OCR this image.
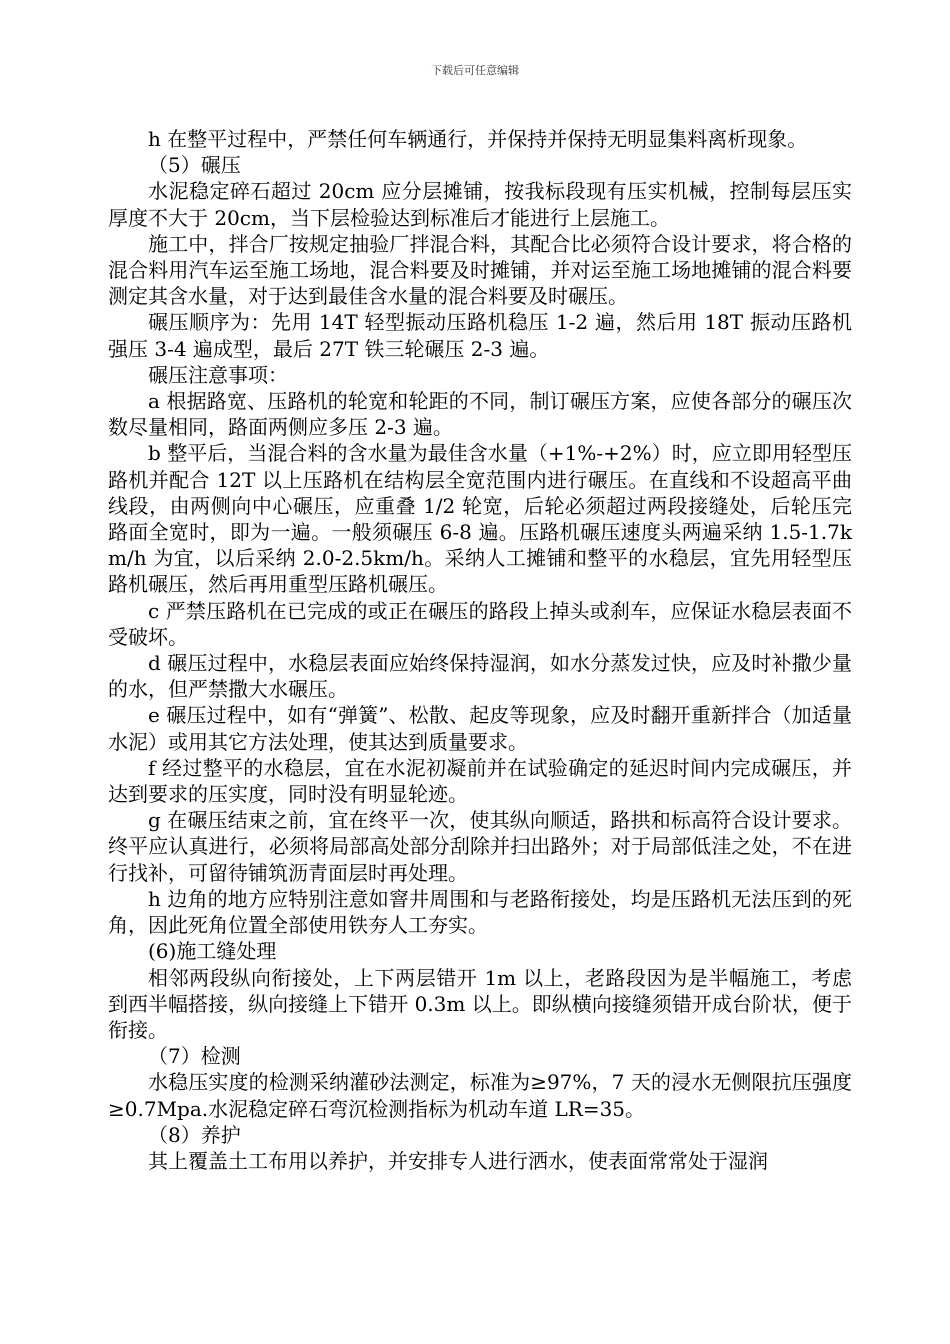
下载后可任意编辑

h 在整平过程中，严禁任何车辆通行，并保持并保持无明显集料离析现象。

（5）碾压

水泥稳定碎石超过 20cm 应分层摊铺，按我标段现有压实机械，控制每层压实厚度不大于 20cm，当下层检验达到标准后才能进行上层施工。

施工中，拌合厂按规定抽验厂拌混合料，其配合比必须符合设计要求，将合格的混合料用汽车运至施工场地，混合料要及时摊铺，并对运至施工场地摊铺的混合料要测定其含水量，对于达到最佳含水量的混合料要及时碾压。

碾压顺序为：先用 14T 轻型振动压路机稳压 1-2 遍，然后用 18T 振动压路机强压 3-4 遍成型，最后 27T 铁三轮碾压 2-3 遍。

碾压注意事项：

a 根据路宽、压路机的轮宽和轮距的不同，制订碾压方案，应使各部分的碾压次数尽量相同，路面两侧应多压 2-3 遍。

b 整平后，当混合料的含水量为最佳含水量（+1%-+2%）时，应立即用轻型压路机并配合 12T 以上压路机在结构层全宽范围内进行碾压。在直线和不设超高平曲线段，由两侧向中心碾压，应重叠 1/2 轮宽，后轮必须超过两段接缝处，后轮压完路面全宽时，即为一遍。一般须碾压 6-8 遍。压路机碾压速度头两遍采纳 1.5-1.7km/h 为宜，以后采纳 2.0-2.5km/h。采纳人工摊铺和整平的水稳层，宜先用轻型压路机碾压，然后再用重型压路机碾压。

c 严禁压路机在已完成的或正在碾压的路段上掉头或刹车，应保证水稳层表面不受破坏。

d 碾压过程中，水稳层表面应始终保持湿润，如水分蒸发过快，应及时补撒少量的水，但严禁撒大水碾压。

e 碾压过程中，如有“弹簧”、松散、起皮等现象，应及时翻开重新拌合（加适量水泥）或用其它方法处理，使其达到质量要求。

f 经过整平的水稳层，宜在水泥初凝前并在试验确定的延迟时间内完成碾压，并达到要求的压实度，同时没有明显轮迹。

g 在碾压结束之前，宜在终平一次，使其纵向顺适，路拱和标高符合设计要求。终平应认真进行，必须将局部高处部分刮除并扫出路外；对于局部低洼之处，不在进行找补，可留待铺筑沥青面层时再处理。

h 边角的地方应特别注意如窨井周围和与老路衔接处，均是压路机无法压到的死角，因此死角位置全部使用铁夯人工夯实。

(6)施工缝处理

相邻两段纵向衔接处，上下两层错开 1m 以上，老路段因为是半幅施工，考虑到西半幅搭接，纵向接缝上下错开 0.3m 以上。即纵横向接缝须错开成台阶状，便于衔接。

（7）检测

水稳压实度的检测采纳灌砂法测定，标准为≥97%，7 天的浸水无侧限抗压强度≥0.7Mpa.水泥稳定碎石弯沉检测指标为机动车道 LR=35。

（8）养护

其上覆盖土工布用以养护，并安排专人进行洒水，使表面常常处于湿润
